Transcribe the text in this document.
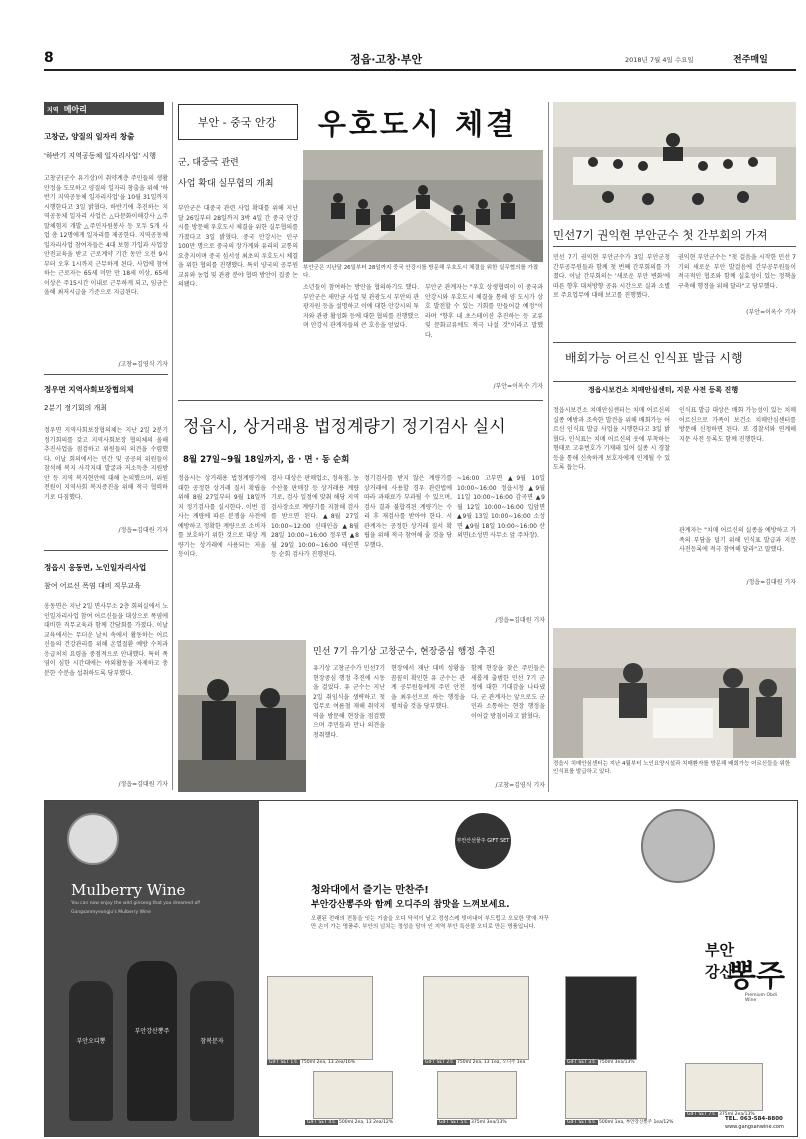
8	정읍·고창·부안	2018년 7월 4일 수요일	전주매일
지역 메아리
고창군, 양질의 일자리 창출
'하반기 지역공동체 일자리사업' 시행
고창군(군수 유기상)이 취약계층 주민들의 생활 안정을 도모하고 양질의 일자리 창출을 위해 '하반기 지역공동체 일자리사업'을 10월 31일까지 시행한다고 3일 밝혔다. 하반기에 추진하는 지역공동체 일자리 사업은 △다문화이해강사 △주말체험지 개발 △주민자원봉사 등 모두 5개 사업 총 12명에게 일자리를 제공한다. 지역공동체일자리사업 참여자들은 4대 보험 가입과 사업장 안전교육을 받고 근로계약 기간 동안 오전 9시부터 오후 1시까지 근무하게 된다. 사업에 참여하는 근로자는 65세 미만 만 18세 이상, 65세 이상은 주15시간 이내로 근무하게 되고, 임금은 올해 최저시급을 기준으로 지급된다.
/고창=김영식 기자
정우면 지역사회보장협의체
2분기 정기회의 개최
정우면 지역사회보장협의체는 지난 2일 2분기 정기회의를 갖고 지역사회보장 협의체의 올해 추진사업을 점검하고 위원들의 의견을 수렴했다. 이날 회의에서는 민간 및 공공의 위원들이 참석해 복지 사각지대 발굴과 저소득층 지원방안 등 지역 복지현안에 대해 논의했으며, 위원 전원이 지역사회 복지증진을 위해 적극 협력하기로 다짐했다.
/정읍=김대원 기자
정읍시 옹동면, 노인일자리사업
참여 어르신 폭염 대비 직무교육
옹동면은 지난 2일 면사무소 2층 회의실에서 노인일자리사업 참여 어르신들을 대상으로 폭염에 대비한 직무교육과 함께 간담회를 가졌다. 이날 교육에서는 무더운 날씨 속에서 활동하는 어르신들의 건강관리를 위해 온열질환 예방 수칙과 응급처치 요령을 중점적으로 안내했다. 특히 폭염이 심한 시간대에는 야외활동을 자제하고 충분한 수분을 섭취하도록 당부했다.
/정읍=김대원 기자
부안 - 중국 안강	우호도시 체결
군, 대중국 관련
사업 확대 실무협의 개최
부안군은 대중국 관련 사업 확대를 위해 지난달 26일부터 28일까지 3박 4일 간 중국 안강시를 방문해 우호도시 체결을 위한 실무협의를 가졌다고 3일 밝혔다. 중국 안강시는 인구 100만 명으로 중국의 장가계와 유리의 교통의 요충지이며 중국 섬서성 최초의 우호도시 체결을 위한 협의를 진행했다. 특히 양국의 공무원 교류와 농업 및 관광 분야 협력 방안이 집중 논의됐다.
부안군은 지난달 26일부터 28일까지 중국 안강시를 방문해 우호도시 체결을 위한 실무협의를 가졌다.
소년들이 참여하는 방안을 협의하기도 했다. 부안군은 새만금 사업 및 관광도시 부안의 관광자원 등을 설명하고 이에 대한 안강시의 투자와 관광 활성화 등에 대한 협의를 진행했으며 안강시 관계자들의 큰 호응을 얻었다.
부안군 관계자는 "우호 상생협력이 이 중국과 안강시와 우호도시 체결을 통해 양 도시가 상호 발전할 수 있는 기회를 만들어갈 예정"이라며 "향후 내 초스테이션 추진하는 등 교류 및 문화교류에도 적극 나설 것"이라고 말했다.
/부안=이옥수 기자
민선7기 권익현 부안군수 첫 간부회의 가져
민선 7기 권익현 부안군수가 3일 부안군청 간부공무원들과 함께 첫 번째 간부회의를 가졌다. 이날 간부회의는 '새로운 부안 변화'에 따른 향후 대처방향 공유 시간으로 실과 소별로 주요업무에 대해 보고를 진행했다.
권익현 부안군수는 "첫 걸음을 시작한 민선 7기의 새로운 부안 발걸음에 간부공무원들이 적극적인 협조와 함께 실효성이 있는 정책을 구축해 행정을 위해 달라"고 당부했다.
(부안=이옥수 기자
배회가능 어르신 인식표 발급 시행
정읍시보건소 치매안심센터, 지문 사전 등록 진행
정읍시보건소 치매안심센터는 치매 어르신의 실종 예방과 조속한 발견을 위해 배회가능 어르신 인식표 발급 사업을 시행한다고 3일 밝혔다. 인식표는 치매 어르신의 옷에 부착하는 형태로 고유번호가 기재돼 있어 실종 시 경찰 등을 통해 신속하게 보호자에게 인계될 수 있도록 돕는다.
인식표 발급 대상은 배회 가능성이 있는 치매 어르신으로 가족이 보건소 치매안심센터를 방문해 신청하면 된다. 또 경찰서와 연계해 지문 사전 등록도 함께 진행한다.
관계자는 "치매 어르신의 실종을 예방하고 가족의 부담을 덜기 위해 인식표 발급과 지문 사전등록에 적극 참여해 달라"고 말했다.
/정읍=김대원 기자
정읍시 치매안심센터는 지난 4월부터 노인요양시설과 치매환자를 방문해 배회가능 어르신들을 위한 인식표를 발급하고 있다.
정읍시, 상거래용 법정계량기 정기검사 실시
8월 27일~9월 18일까지, 읍 · 면 · 동 순회
정읍시는 상거래용 법정계량기에 대한 공정한 상거래 질서 확립을 위해 8월 27일부터 9월 18일까지 정기검사를 실시한다. 이번 검사는 계량에 따른 분쟁을 사전에 예방하고 정확한 계량으로 소비자를 보호하기 위한 것으로 대상 계량기는 상거래에 사용되는 저울 등이다.
검사 대상은 판매업소, 정육점, 농수산물 판매장 등 상거래용 계량기로, 검사 일정에 맞춰 해당 지역 검사장소로 계량기를 지참해 검사를 받으면 된다. ▲8월 27일 10:00~12:00 신태인읍 ▲8월 28일 10:00~16:00 정우면 ▲8월 29일 10:00~16:00 태인면 등 순회 검사가 진행된다.
정기검사를 받지 않은 계량기를 상거래에 사용할 경우 관련법에 따라 과태료가 부과될 수 있으며, 검사 결과 불합격된 계량기는 수리 후 재검사를 받아야 한다. 시 관계자는 공정한 상거래 질서 확립을 위해 적극 참여해 줄 것을 당부했다.
~16:00 고부면 ▲9월 10일 10:00~16:00 정읍시청 ▲9월 11일 10:00~16:00 감곡면 ▲9월 12일 10:00~16:00 입암면 ▲9월 13일 10:00~16:00 소성면 ▲9월 18일 10:00~16:00 산외면(소성면 사무소 앞 주차장).
/정읍=김대원 기자
민선 7기 유기상 고창군수, 현장중심 행정 추진
유기상 고창군수가 민선7기 현장중심 행정 추진에 시동을 걸었다. 유 군수는 지난 2일 취임식을 생략하고 첫 업무로 여름철 재해 취약지역을 방문해 현장을 점검했으며 주민들과 만나 의견을 청취했다.
현장에서 재난 대비 상황을 꼼꼼히 확인한 유 군수는 관계 공무원들에게 주민 안전을 최우선으로 하는 행정을 펼쳐줄 것을 당부했다.
함께 현장을 찾은 주민들은 새롭게 출범한 민선 7기 군정에 대한 기대감을 나타냈다. 군 관계자는 앞으로도 군민과 소통하는 현장 행정을 이어갈 방침이라고 밝혔다.
/고창=김영식 기자
Mulberry Wine
You can now enjoy the wild ginseng that you dreamed of!
Gangsanmyeongju's Mulberry Wine
부안오디뽕
부안강산뽕주
참복분자
부안산선물주 GIFT SET
청와대에서 즐기는 만찬주!
부안강산뽕주와 함께 오디주의 참맛을 느껴보세요.
오랜된 전래의 전통을 잇는 기술을 오디 닥석이 날고 정성스레 빚어내어 부드럽고 오묘한 맛에 자꾸만 손이 가는 명품주. 부안의 넘치는 정성을 담아 인 지역 부안 특산물 오디로 만든 명품입니다.
GIFT SET 1호 750ml 2ea, 13 2ea/16%	GIFT SET 2호 750ml 2ea, 13 1ea, 오디주 1ea	GIFT SET 3호 750ml 3ea/13%
GIFT SET 4호 500ml 2ea, 13 2ea/12%	GIFT SET 5호 375ml 3ea/13%	GIFT SET 6호 500ml 1ea, 부안강산뽕주 1ea/12%
GIFT SET 7호 375ml 2ea/13%
부안
강산
뽕주
Premium Obdi Wine
TEL. 063-584-8800
www.gangsanwine.com
